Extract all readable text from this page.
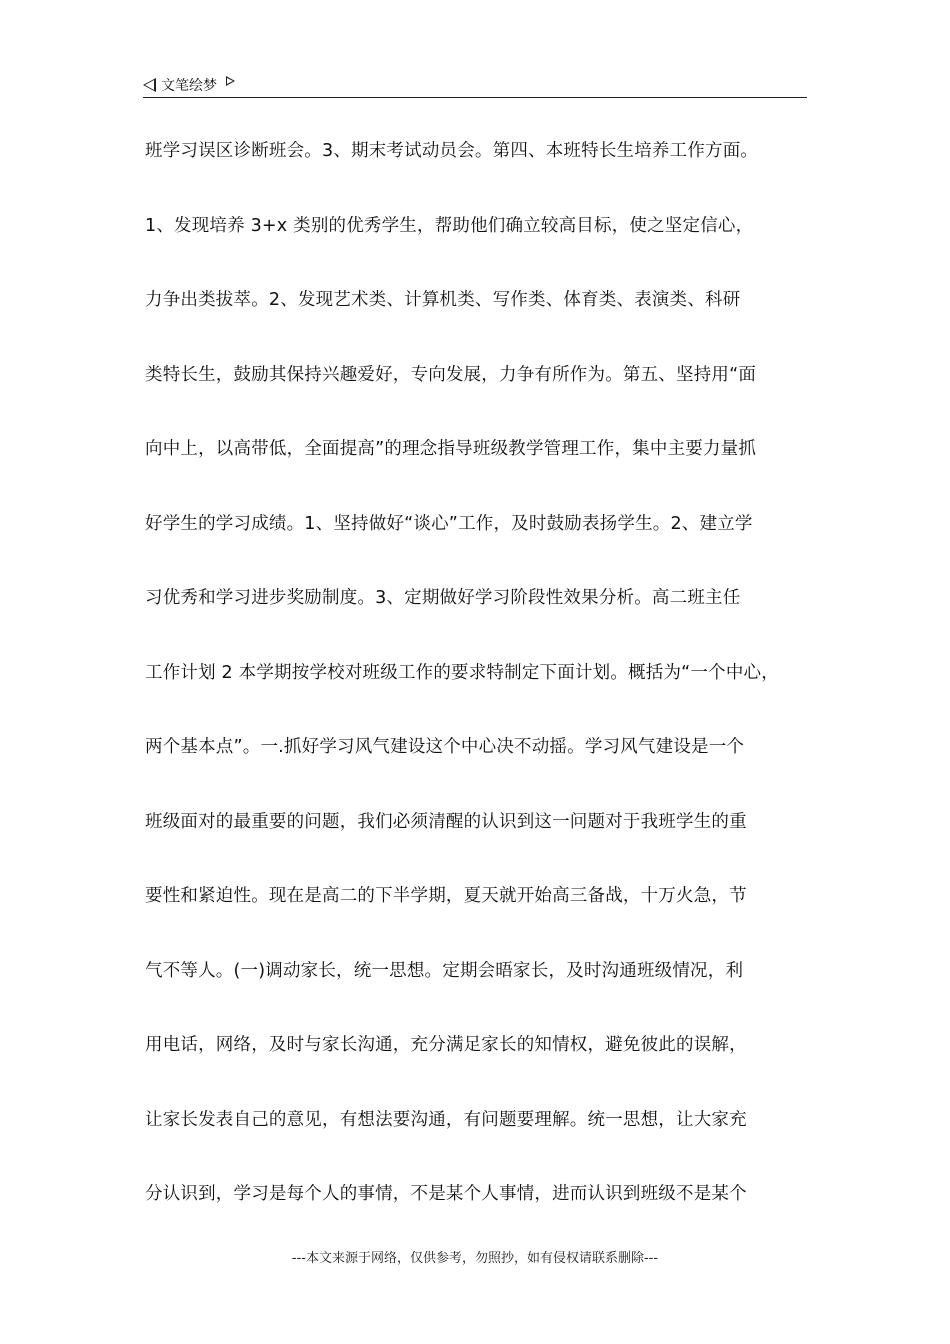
文笔绘梦
班学习误区诊断班会。3、期末考试动员会。第四、本班特长生培养工作方面。
1、发现培养 3+x 类别的优秀学生，帮助他们确立较高目标，使之坚定信心，
力争出类拔萃。2、发现艺术类、计算机类、写作类、体育类、表演类、科研
类特长生，鼓励其保持兴趣爱好，专向发展，力争有所作为。第五、坚持用“面
向中上，以高带低，全面提高”的理念指导班级教学管理工作，集中主要力量抓
好学生的学习成绩。1、坚持做好“谈心”工作，及时鼓励表扬学生。2、建立学
习优秀和学习进步奖励制度。3、定期做好学习阶段性效果分析。高二班主任
工作计划 2 本学期按学校对班级工作的要求特制定下面计划。概括为“一个中心，
两个基本点”。一.抓好学习风气建设这个中心决不动摇。学习风气建设是一个
班级面对的最重要的问题，我们必须清醒的认识到这一问题对于我班学生的重
要性和紧迫性。现在是高二的下半学期，夏天就开始高三备战，十万火急，节
气不等人。(一)调动家长，统一思想。定期会晤家长，及时沟通班级情况，利
用电话，网络，及时与家长沟通，充分满足家长的知情权，避免彼此的误解，
让家长发表自己的意见，有想法要沟通，有问题要理解。统一思想，让大家充
分认识到，学习是每个人的事情，不是某个人事情，进而认识到班级不是某个
---本文来源于网络，仅供参考，勿照抄，如有侵权请联系删除---
